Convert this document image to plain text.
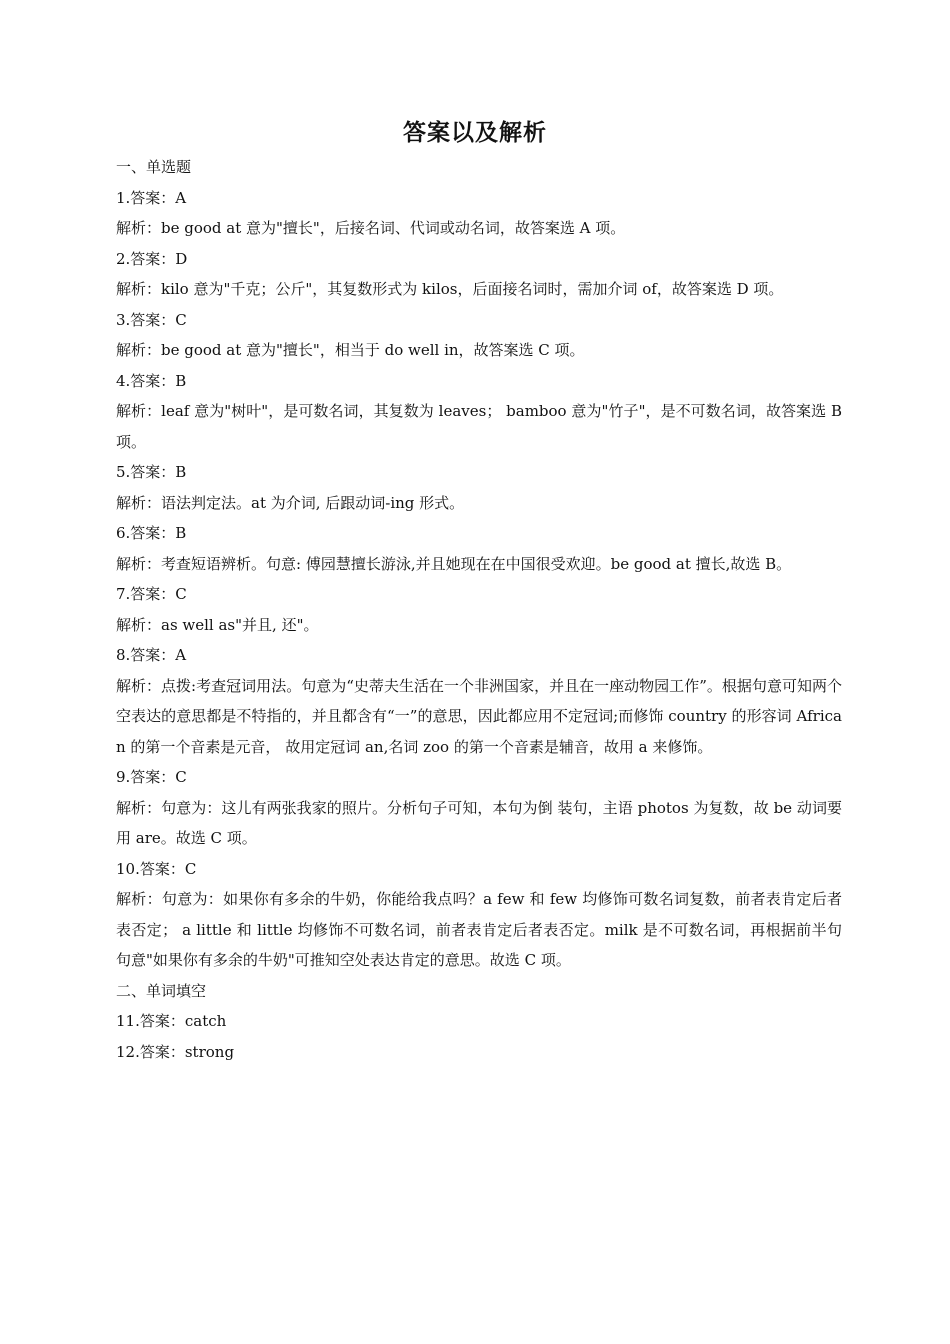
答案以及解析
一、单选题
1.答案：A
解析：be good at 意为"擅长"，后接名词、代词或动名词，故答案选 A 项。
2.答案：D
解析：kilo 意为"千克；公斤"，其复数形式为 kilos，后面接名词时，需加介词 of，故答案选 D 项。
3.答案：C
解析：be good at 意为"擅长"，相当于 do well in，故答案选 C 项。
4.答案：B
解析：leaf 意为"树叶"，是可数名词，其复数为 leaves； bamboo 意为"竹子"，是不可数名词，故答案选 B 项。
5.答案：B
解析：语法判定法。at 为介词, 后跟动词-ing 形式。
6.答案：B
解析：考查短语辨析。句意: 傅园慧擅长游泳,并且她现在在中国很受欢迎。be good at 擅长,故选 B。
7.答案：C
解析：as well as"并且, 还"。
8.答案：A
解析：点拨:考查冠词用法。句意为“史蒂夫生活在一个非洲国家，并且在一座动物园工作”。根据句意可知两个空表达的意思都是不特指的，并且都含有“一”的意思，因此都应用不定冠词;而修饰 country 的形容词 African 的第一个音素是元音， 故用定冠词 an,名词 zoo 的第一个音素是辅音，故用 a 来修饰。
9.答案：C
解析：句意为：这儿有两张我家的照片。分析句子可知，本句为倒 装句，主语 photos 为复数，故 be 动词要用 are。故选 C 项。
10.答案：C
解析：句意为：如果你有多余的牛奶，你能给我点吗？a few 和 few 均修饰可数名词复数，前者表肯定后者表否定； a little 和 little 均修饰不可数名词，前者表肯定后者表否定。milk 是不可数名词，再根据前半句句意"如果你有多余的牛奶"可推知空处表达肯定的意思。故选 C 项。
二、单词填空
11.答案：catch
12.答案：strong
